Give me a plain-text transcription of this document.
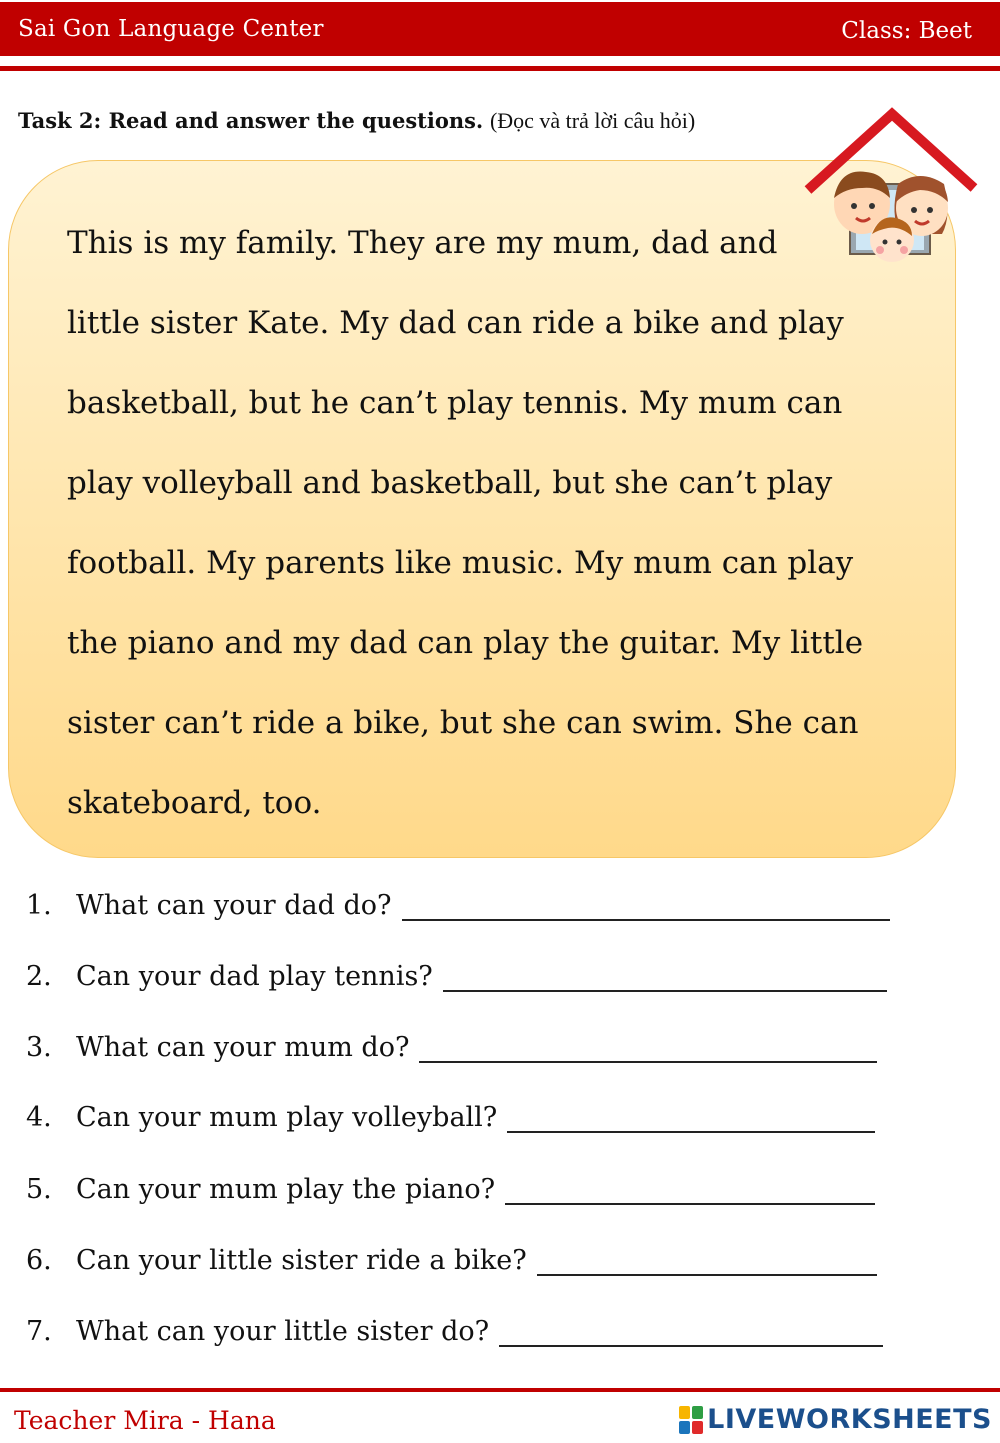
Sai Gon Language Center	Class: Beet
Task 2: Read and answer the questions. (Đọc và trả lời câu hỏi)
This is my family. They are my mum, dad and
little sister Kate. My dad can ride a bike and play
basketball, but he can’t play tennis. My mum can
play volleyball and basketball, but she can’t play
football. My parents like music. My mum can play
the piano and my dad can play the guitar. My little
sister can’t ride a bike, but she can swim. She can
skateboard, too.
1. What can your dad do?
2. Can your dad play tennis?
3. What can your mum do?
4. Can your mum play volleyball?
5. Can your mum play the piano?
6. Can your little sister ride a bike?
7. What can your little sister do?
Teacher Mira - Hana	LIVEWORKSHEETS
